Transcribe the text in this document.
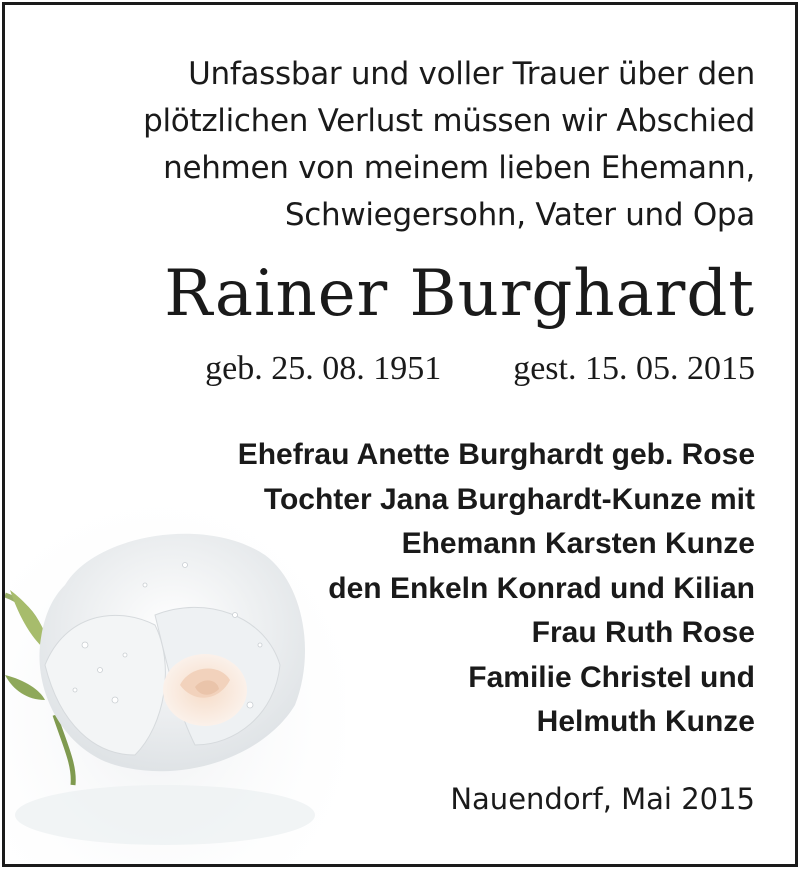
Unfassbar und voller Trauer über den
plötzlichen Verlust müssen wir Abschied
nehmen von meinem lieben Ehemann,
Schwiegersohn, Vater und Opa
Rainer Burghardt
geb. 25. 08. 1951 gest. 15. 05. 2015
Ehefrau Anette Burghardt geb. Rose
Tochter Jana Burghardt-Kunze mit
Ehemann Karsten Kunze
den Enkeln Konrad und Kilian
Frau Ruth Rose
Familie Christel und
Helmuth Kunze
Nauendorf, Mai 2015
